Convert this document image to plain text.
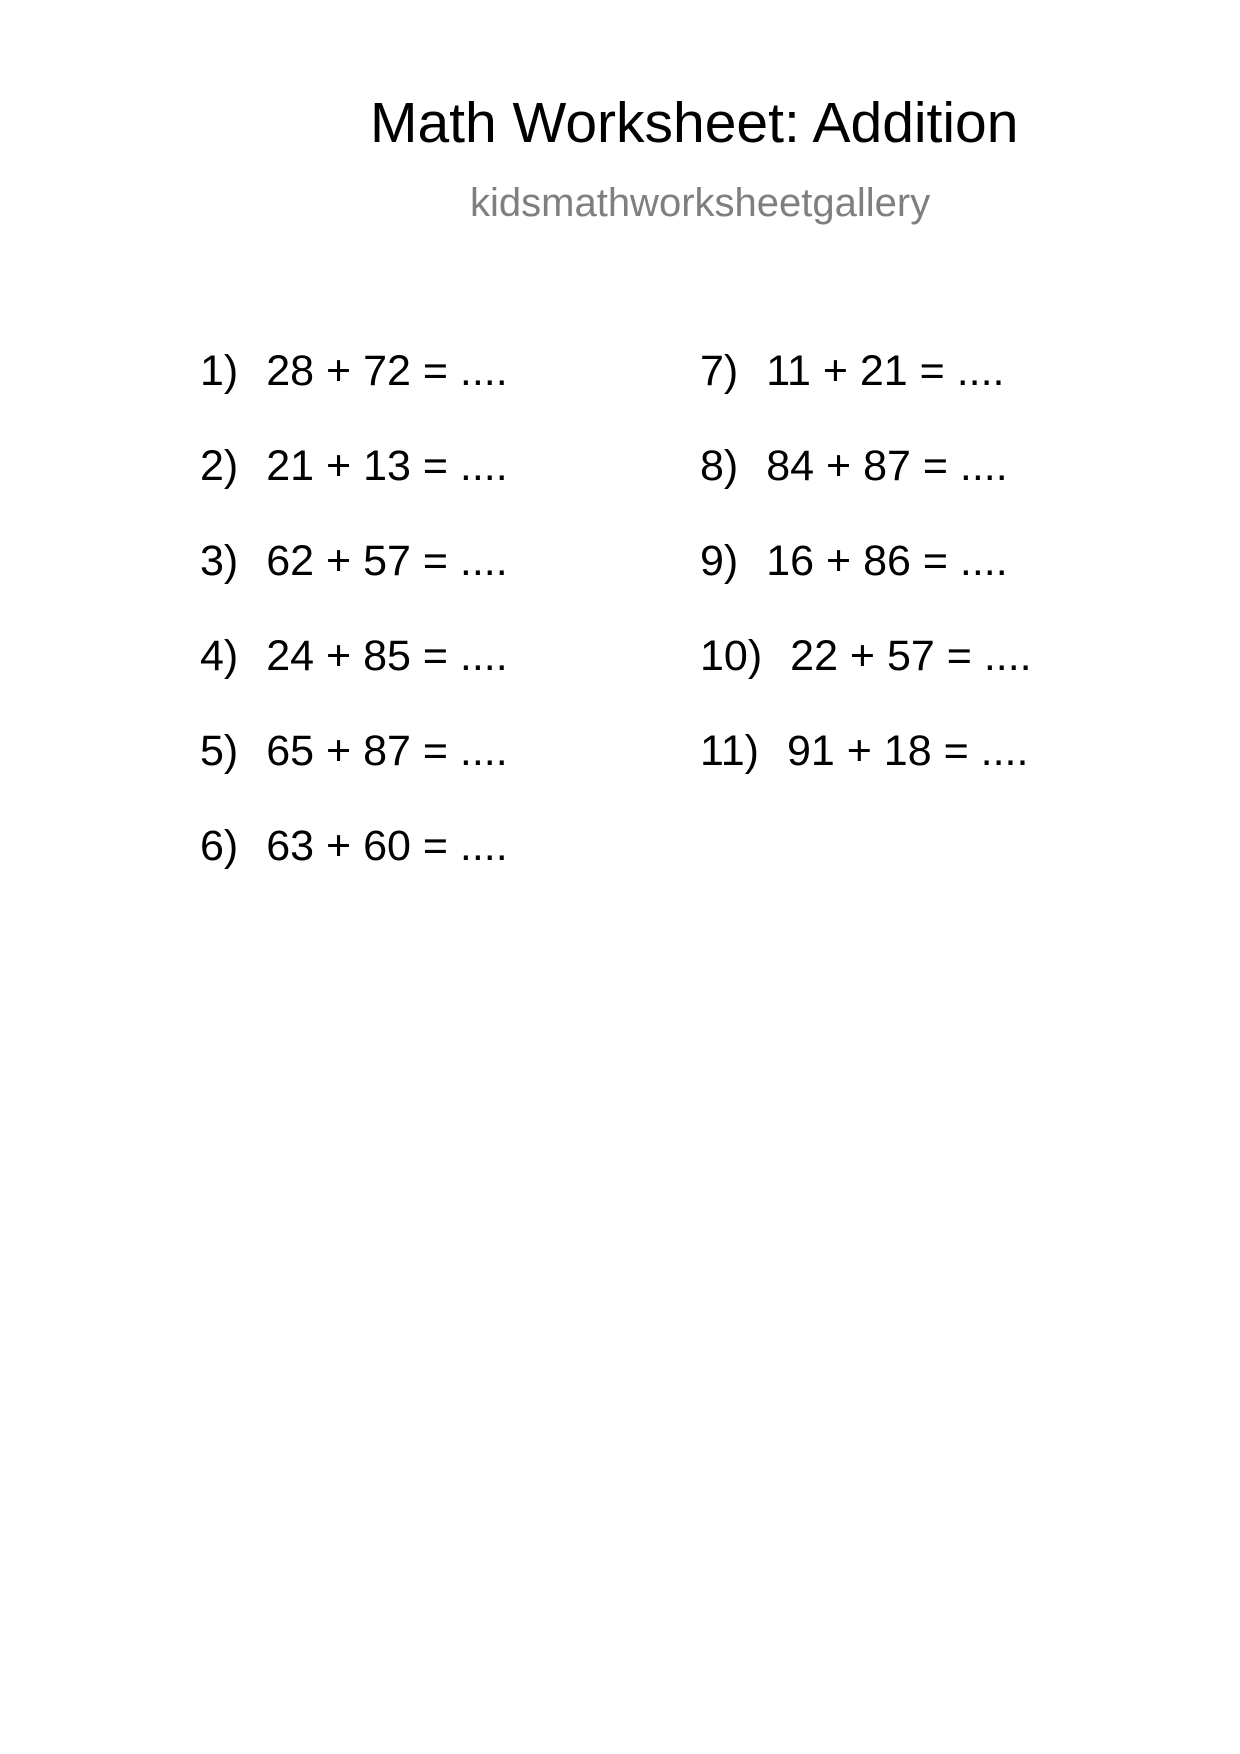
Math Worksheet: Addition
kidsmathworksheetgallery
1) 28 + 72 = ....
2) 21 + 13 = ....
3) 62 + 57 = ....
4) 24 + 85 = ....
5) 65 + 87 = ....
6) 63 + 60 = ....
7) 11 + 21 = ....
8) 84 + 87 = ....
9) 16 + 86 = ....
10) 22 + 57 = ....
11) 91 + 18 = ....
